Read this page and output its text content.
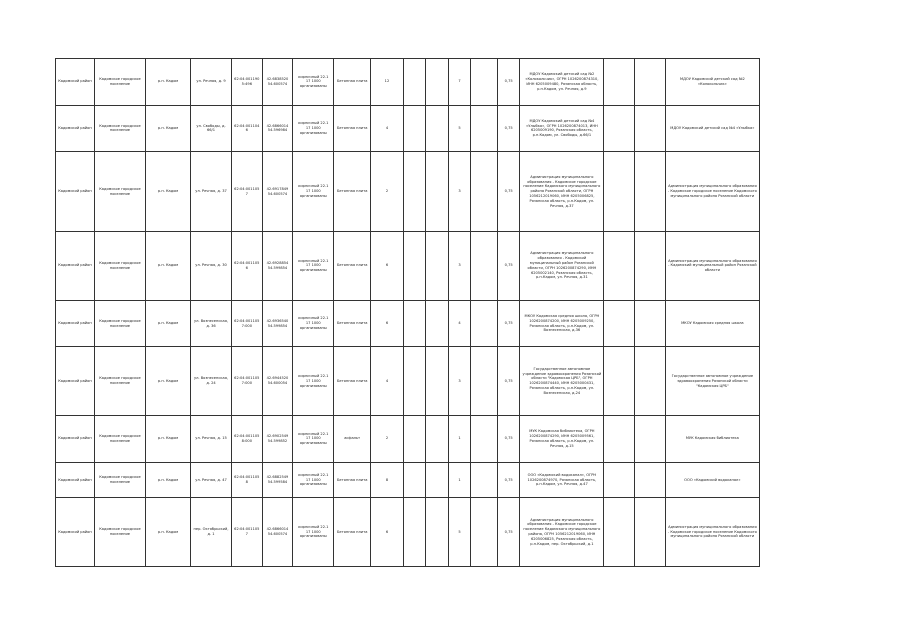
Кадомский район	Кадомское городское поселение	р.п. Кадом	ул. Речная, д. 9	62:04:0011905:496	42.6838520 54.600574	кирпичный 22.1 17 1000 организованы	Бетонная плита	12			7		0,75	МДОУ Кадомский детский сад №2 «Колокольчик», ОГРН 1026200874310, ИНН 6205009480, Рязанская область, р.п.Кадом, ул. Речная, д.9			МДОУ Кадомский детский сад №2 «Колокольчик»
Кадомский район	Кадомское городское поселение	р.п. Кадом	ул. Свободы, д. 66/1	62:04:0011046	42.6866014 54.596984	кирпичный 22.1 17 1000 организованы	Бетонная плита	4			5		0,75	МДОУ Кадомский детский сад №4 «Улыбка», ОГРН 1026200874013, ИНН 6205009190, Рязанская область, р.п.Кадом, ул. Свободы, д.66/1			МДОУ Кадомский детский сад №4 «Улыбка»
Кадомский район	Кадомское городское поселение	р.п. Кадом	ул. Речная, д. 37	62:04:0011057	42.6917849 54.600574	кирпичный 22.1 17 1000 организованы	Бетонная плита	2			3		0,75	Администрация муниципального образования - Кадомское городское поселение Кадомского муниципального района Рязанской области, ОГРН 1056212019060, ИНН 6205006825, Рязанская область, р.п.Кадом, ул. Речная, д.37			Администрация муниципального образования - Кадомское городское поселение Кадомского муниципального района Рязанской области
Кадомский район	Кадомское городское поселение	р.п. Кадом	ул. Речная, д. 30	62:04:0011056	42.6928854 54.599854	кирпичный 22.1 17 1000 организованы	Бетонная плита	6			3		0,75	Администрация муниципального образования - Кадомский муниципальный район Рязанской области, ОГРН 1026200874290, ИНН 6205002140, Рязанская область, р.п.Кадом, ул. Речная, д.31			Администрация муниципального образования - Кадомский муниципальный район Рязанской области
Кадомский район	Кадомское городское поселение	р.п. Кадом	ул. Вознесенская, д. 36	62:04:0011057:000	42.6936540 54.599854	кирпичный 22.1 17 1000 организованы	Бетонная плита	6			4		0,75	МКОУ Кадомская средняя школа, ОГРН 1026200874200, ИНН 6205009250, Рязанская область, р.п.Кадом, ул. Вознесенская, д.36			МКОУ Кадомская средняя школа
Кадомский район	Кадомское городское поселение	р.п. Кадом	ул. Вознесенская, д. 24	62:04:0011057:000	42.6944520 54.600054	кирпичный 22.1 17 1000 организованы	Бетонная плита	4			3		0,75	Государственное автономное учреждение здравоохранения Рязанской области "Кадомская ЦРБ", ОГРН 1026200874440, ИНН 6205000431, Рязанская область, р.п.Кадом, ул. Вознесенская, д.24			Государственное автономное учреждение здравоохранения Рязанской области "Кадомская ЦРБ"
Кадомский район	Кадомское городское поселение	р.п. Кадом	ул. Речная, д. 15	62:04:0011058:000	42.6902549 54.599852	кирпичный 22.1 17 1000 организованы	асфальт	2			1		0,75	МУК Кадомская библиотека, ОГРН 1026200874290, ИНН 6205009561, Рязанская область, р.п.Кадом, ул. Речная, д.15			МУК Кадомская библиотека
Кадомский район	Кадомское городское поселение	р.п. Кадом	ул. Речная, д. 47	62:04:0011058	42.6882549 54.599584	кирпичный 22.1 17 1000 организованы	Бетонная плита	8			1		0,75	ООО «Кадомский водоканал», ОГРН 1026200874970, Рязанская область, р.п.Кадом, ул. Речная, д.47			ООО «Кадомский водоканал»
Кадомский район	Кадомское городское поселение	р.п. Кадом	пер. Октябрьский, д. 1	62:04:0011057	42.6866014 54.600574	кирпичный 22.1 17 1000 организованы	Бетонная плита	6			5		0,75	Администрация муниципального образования - Кадомское городское поселение Кадомского муниципального района, ОГРН 1056212019060, ИНН 6205006825, Рязанская область, р.п.Кадом, пер. Октябрьский, д.1			Администрация муниципального образования - Кадомское городское поселение Кадомского муниципального района Рязанской области
